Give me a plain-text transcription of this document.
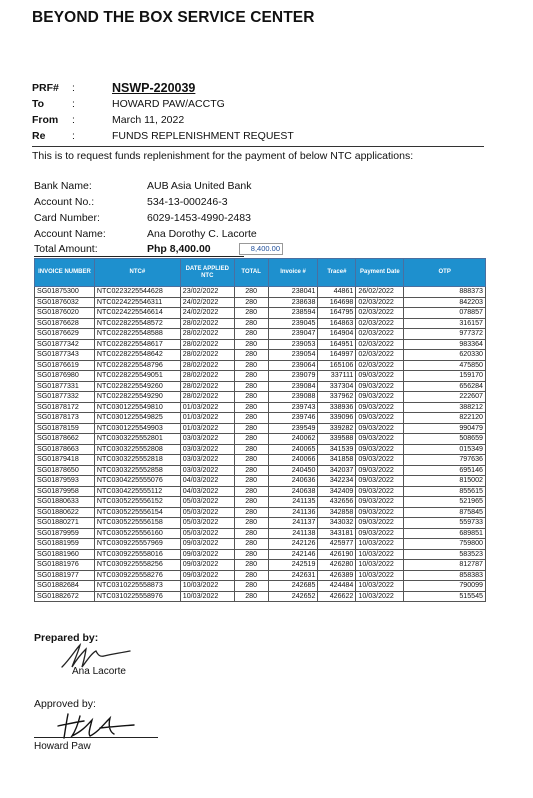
BEYOND THE BOX SERVICE CENTER
PRF#	:	NSWP-220039
To	:	HOWARD PAW/ACCTG
From	:	March 11, 2022
Re	:	FUNDS REPLENISHMENT REQUEST
This is to request funds replenishment for the payment of below NTC applications:
Bank Name:	AUB Asia United Bank
Account No.:	534-13-000246-3
Card Number:	6029-1453-4990-2483
Account Name:	Ana Dorothy C. Lacorte
Total Amount:	Php 8,400.00	8,400.00
INVOICE NUMBER	NTC#	DATE APPLIED NTC	TOTAL	Invoice #	Trace#	Payment Date	OTP
SG01875300	NTC0223225544628	23/02/2022	280	238041	44861	26/02/2022	888373
SG01876032	NTC0224225546311	24/02/2022	280	238638	164698	02/03/2022	842203
SG01876020	NTC0224225546614	24/02/2022	280	238594	164795	02/03/2022	078857
SG01876628	NTC0228225548572	28/02/2022	280	239045	164863	02/03/2022	316157
SG01876629	NTC0228225548588	28/02/2022	280	239047	164904	02/03/2022	977372
SG01877342	NTC0228225548617	28/02/2022	280	239053	164951	02/03/2022	983364
SG01877343	NTC0228225548642	28/02/2022	280	239054	164997	02/03/2022	620330
SG01876619	NTC0228225548796	28/02/2022	280	239064	165106	02/03/2022	475850
SG01876980	NTC0228225549051	28/02/2022	280	239079	337111	09/03/2022	159170
SG01877331	NTC0228225549260	28/02/2022	280	239084	337304	09/03/2022	656284
SG01877332	NTC0228225549290	28/02/2022	280	239088	337962	09/03/2022	222607
SG01878172	NTC0301225549810	01/03/2022	280	239743	338936	09/03/2022	388212
SG01878173	NTC0301225549825	01/03/2022	280	239746	339096	09/03/2022	822120
SG01878159	NTC0301225549903	01/03/2022	280	239549	339282	09/03/2022	990479
SG01878662	NTC0303225552801	03/03/2022	280	240062	339588	09/03/2022	508659
SG01878663	NTC0303225552808	03/03/2022	280	240065	341539	09/03/2022	015349
SG01879418	NTC0303225552818	03/03/2022	280	240066	341858	09/03/2022	797636
SG01878650	NTC0303225552858	03/03/2022	280	240450	342037	09/03/2022	695146
SG01879593	NTC0304225555076	04/03/2022	280	240636	342234	09/03/2022	815002
SG01879958	NTC0304225555112	04/03/2022	280	240638	342409	09/03/2022	855615
SG01880633	NTC0305225556152	05/03/2022	280	241135	432656	09/03/2022	521965
SG01880622	NTC0305225556154	05/03/2022	280	241136	342858	09/03/2022	875845
SG01880271	NTC0305225556158	05/03/2022	280	241137	343032	09/03/2022	559733
SG01879959	NTC0305225556160	05/03/2022	280	241138	343181	09/03/2022	689851
SG01881959	NTC0309225557969	09/03/2022	280	242126	425977	10/03/2022	759800
SG01881960	NTC0309225558016	09/03/2022	280	242146	426190	10/03/2022	583523
SG01881976	NTC0309225558256	09/03/2022	280	242519	426280	10/03/2022	812787
SG01881977	NTC0309225558276	09/03/2022	280	242631	426389	10/03/2022	858383
SG01882684	NTC0310225558873	10/03/2022	280	242685	424484	10/03/2022	790099
SG01882672	NTC0310225558976	10/03/2022	280	242652	426622	10/03/2022	515545
Prepared by:
Ana Lacorte
Approved by:
Howard Paw
